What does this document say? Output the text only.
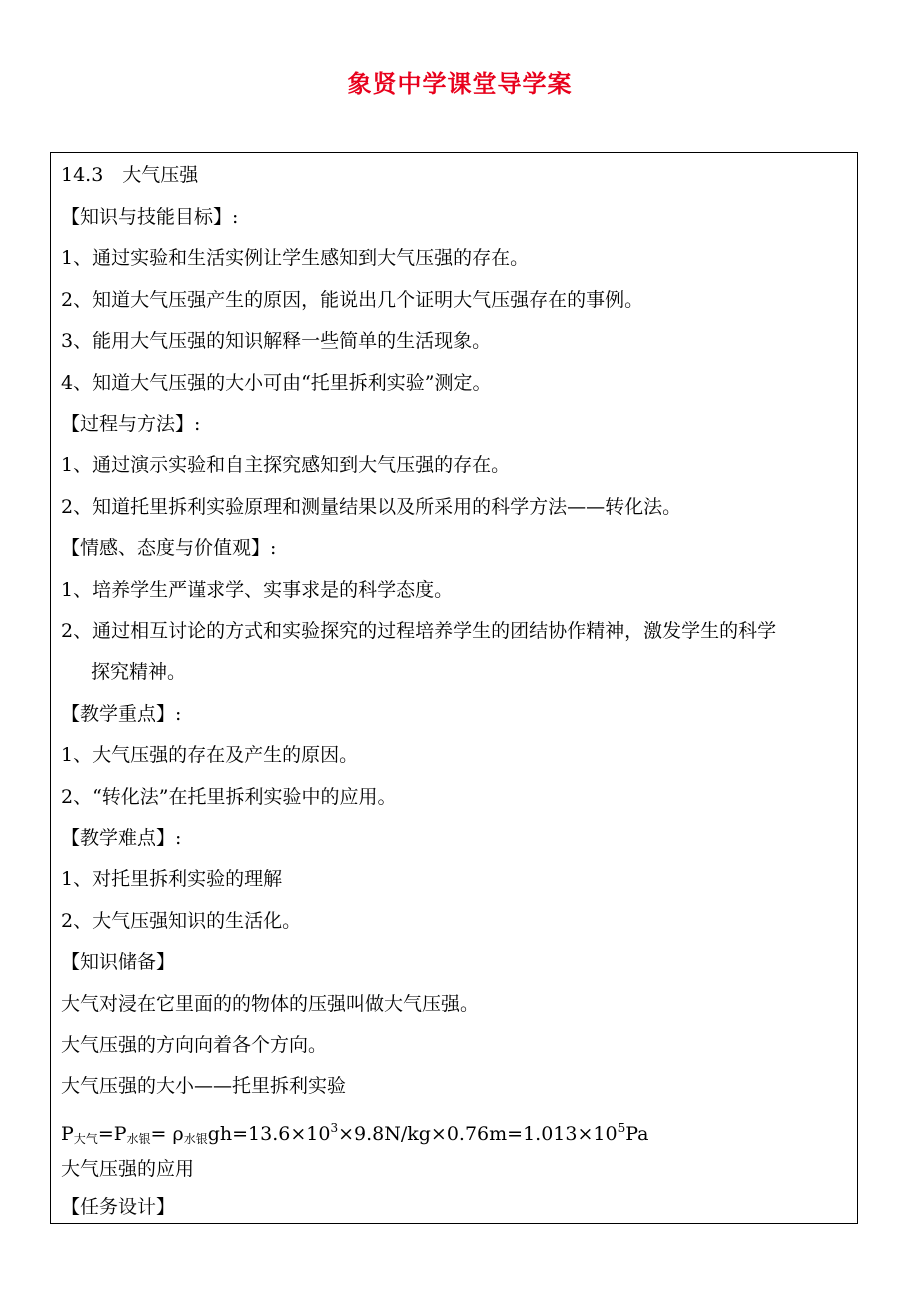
象贤中学课堂导学案
14.3　大气压强
【知识与技能目标】:
1、通过实验和生活实例让学生感知到大气压强的存在。
2、知道大气压强产生的原因，能说出几个证明大气压强存在的事例。
3、能用大气压强的知识解释一些简单的生活现象。
4、知道大气压强的大小可由“托里拆利实验”测定。
【过程与方法】:
1、通过演示实验和自主探究感知到大气压强的存在。
2、知道托里拆利实验原理和测量结果以及所采用的科学方法——转化法。
【情感、态度与价值观】:
1、培养学生严谨求学、实事求是的科学态度。
2、通过相互讨论的方式和实验探究的过程培养学生的团结协作精神，激发学生的科学
探究精神。
【教学重点】:
1、大气压强的存在及产生的原因。
2、“转化法”在托里拆利实验中的应用。
【教学难点】:
1、对托里拆利实验的理解
2、大气压强知识的生活化。
【知识储备】
大气对浸在它里面的的物体的压强叫做大气压强。
大气压强的方向向着各个方向。
大气压强的大小——托里拆利实验
$P_{大气}=P_{水银}= \rho_{水银}gh=13.6\times 10^3\times 9.8N/kg\times 0.76m=1.013\times 10^5Pa$
大气压强的应用
【任务设计】
